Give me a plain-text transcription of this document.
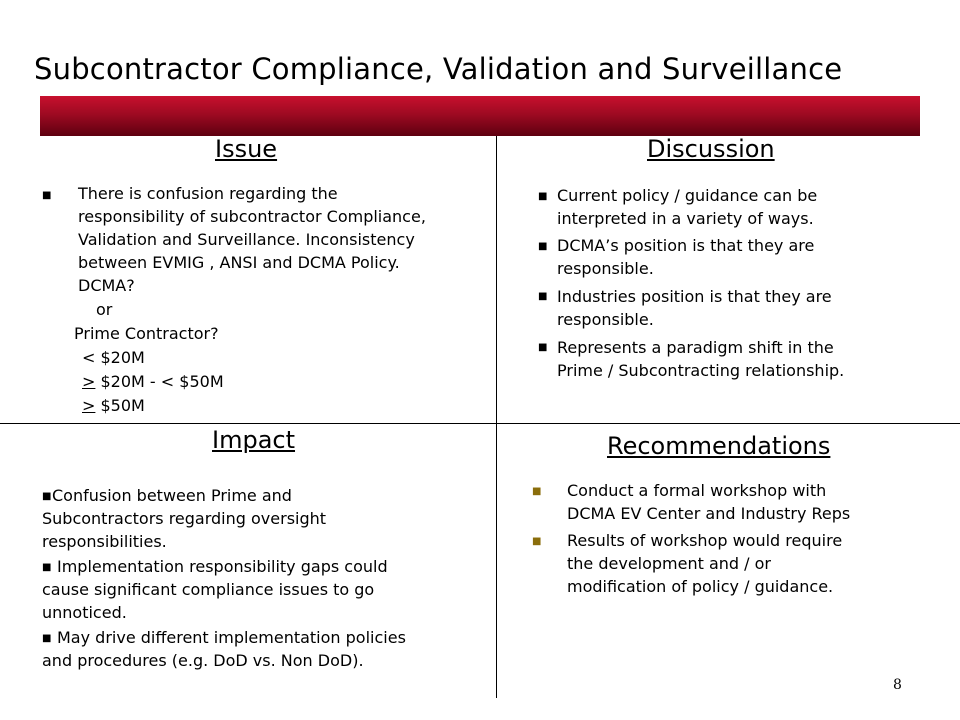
Subcontractor Compliance, Validation and Surveillance
Issue
■ There is confusion regarding the
responsibility of subcontractor Compliance,
Validation and Surveillance. Inconsistency
between EVMIG , ANSI and DCMA Policy.
DCMA?
or
Prime Contractor?
< $20M
≥ $20M - < $50M
≥ $50M
Discussion
■ Current policy / guidance can be
interpreted in a variety of ways.
■ DCMA’s position is that they are
responsible.
■ Industries position is that they are
responsible.
■ Represents a paradigm shift in the
Prime / Subcontracting relationship.
Impact
■ Confusion between Prime and
Subcontractors regarding oversight
responsibilities.
■ Implementation responsibility gaps could
cause significant compliance issues to go
unnoticed.
■ May drive different implementation policies
and procedures (e.g. DoD vs. Non DoD).
Recommendations
■ Conduct a formal workshop with
DCMA EV Center and Industry Reps
■ Results of workshop would require
the development and / or
modification of policy / guidance.
8
